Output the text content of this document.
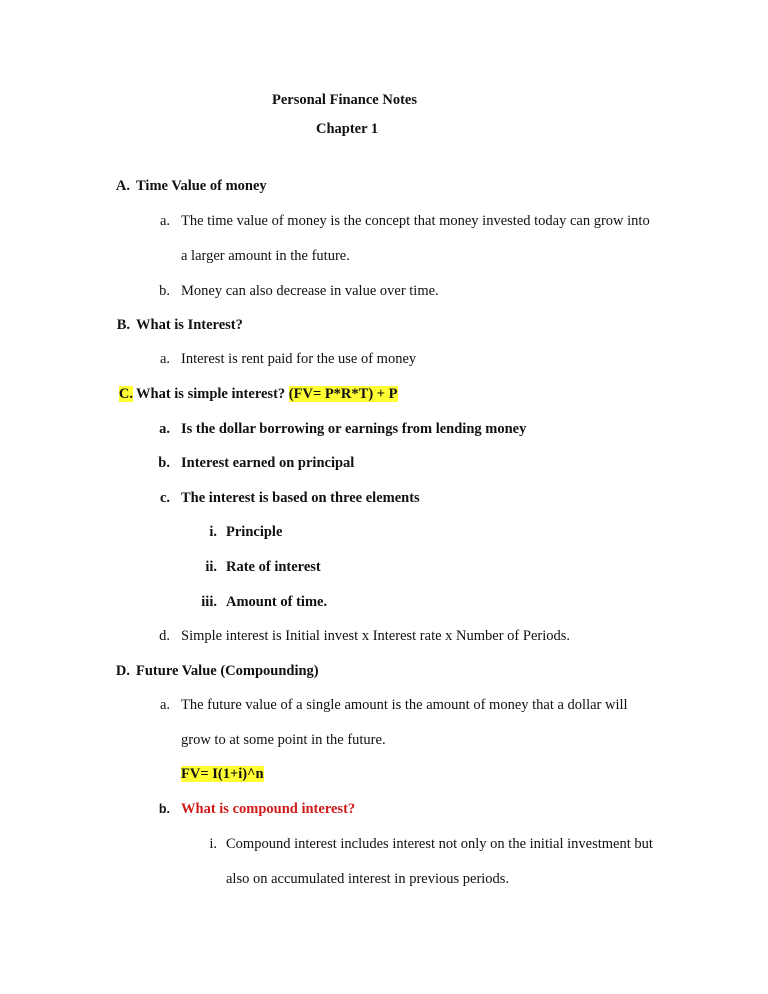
Personal Finance Notes
Chapter 1
A. Time Value of money
a. The time value of money is the concept that money invested today can grow into
a larger amount in the future.
b. Money can also decrease in value over time.
B. What is Interest?
a. Interest is rent paid for the use of money
C. What is simple interest? (FV= P*R*T) + P
a. Is the dollar borrowing or earnings from lending money
b. Interest earned on principal
c. The interest is based on three elements
i. Principle
ii. Rate of interest
iii. Amount of time.
d. Simple interest is Initial invest x Interest rate x Number of Periods.
D. Future Value (Compounding)
a. The future value of a single amount is the amount of money that a dollar will
grow to at some point in the future.
FV= I(1+i)^n
b. What is compound interest?
i. Compound interest includes interest not only on the initial investment but
also on accumulated interest in previous periods.
